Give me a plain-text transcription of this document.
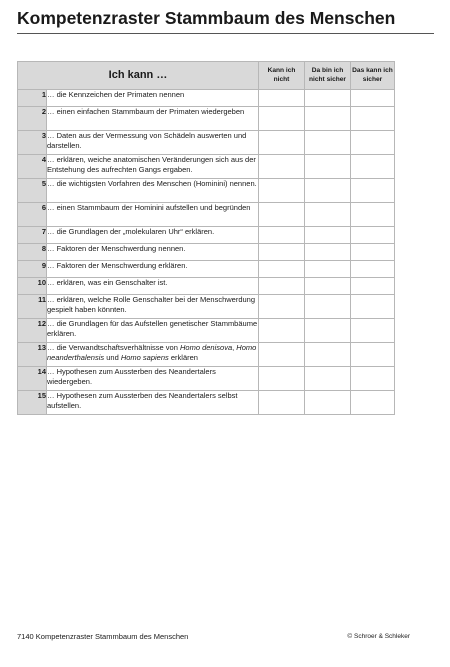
Kompetenzraster Stammbaum des Menschen
Ich kann …		Kann ich nicht	Da bin ich nicht sicher	Das kann ich sicher
1	… die Kennzeichen der Primaten nennen			
2	… einen einfachen Stammbaum der Primaten wiedergeben			
3	… Daten aus der Vermessung von Schädeln auswerten und darstellen.			
4	… erklären, weiche anatomischen Veränderungen sich aus der Entstehung des aufrechten Gangs ergaben.			
5	… die wichtigsten Vorfahren des Menschen (Hominini) nennen.			
6	… einen Stammbaum der Hominini aufstellen und begründen			
7	… die Grundlagen der „molekularen Uhr“ erklären.			
8	… Faktoren der Menschwerdung nennen.			
9	… Faktoren der Menschwerdung erklären.			
10	… erklären, was ein Genschalter ist.			
11	… erklären, welche Rolle Genschalter bei der Menschwerdung gespielt haben könnten.			
12	… die Grundlagen für das Aufstellen genetischer Stammbäume erklären.			
13	… die Verwandtschaftsverhältnisse von Homo denisova, Homo neanderthalensis und Homo sapiens erklären			
14	… Hypothesen zum Aussterben des Neandertalers wiedergeben.			
15	… Hypothesen zum Aussterben des Neandertalers selbst aufstellen.			
7140 Kompetenzraster Stammbaum des Menschen	© Schroer & Schleker
